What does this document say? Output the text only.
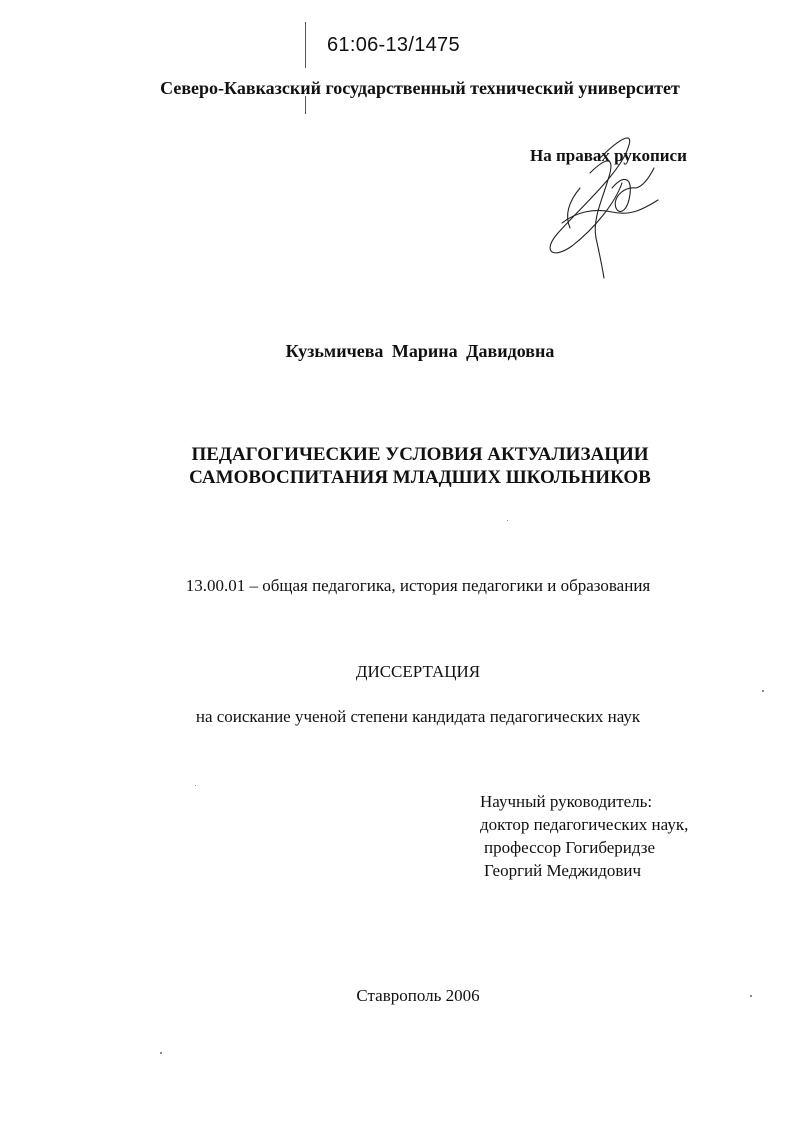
61:06-13/1475
Северо-Кавказский государственный технический университет
На правах рукописи
Кузьмичева Марина Давидовна
ПЕДАГОГИЧЕСКИЕ УСЛОВИЯ АКТУАЛИЗАЦИИ
САМОВОСПИТАНИЯ МЛАДШИХ ШКОЛЬНИКОВ
13.00.01 – общая педагогика, история педагогики и образования
ДИССЕРТАЦИЯ
на соискание ученой степени кандидата педагогических наук
Научный руководитель:
доктор педагогических наук,
профессор Гогиберидзе
Георгий Меджидович
Ставрополь 2006
